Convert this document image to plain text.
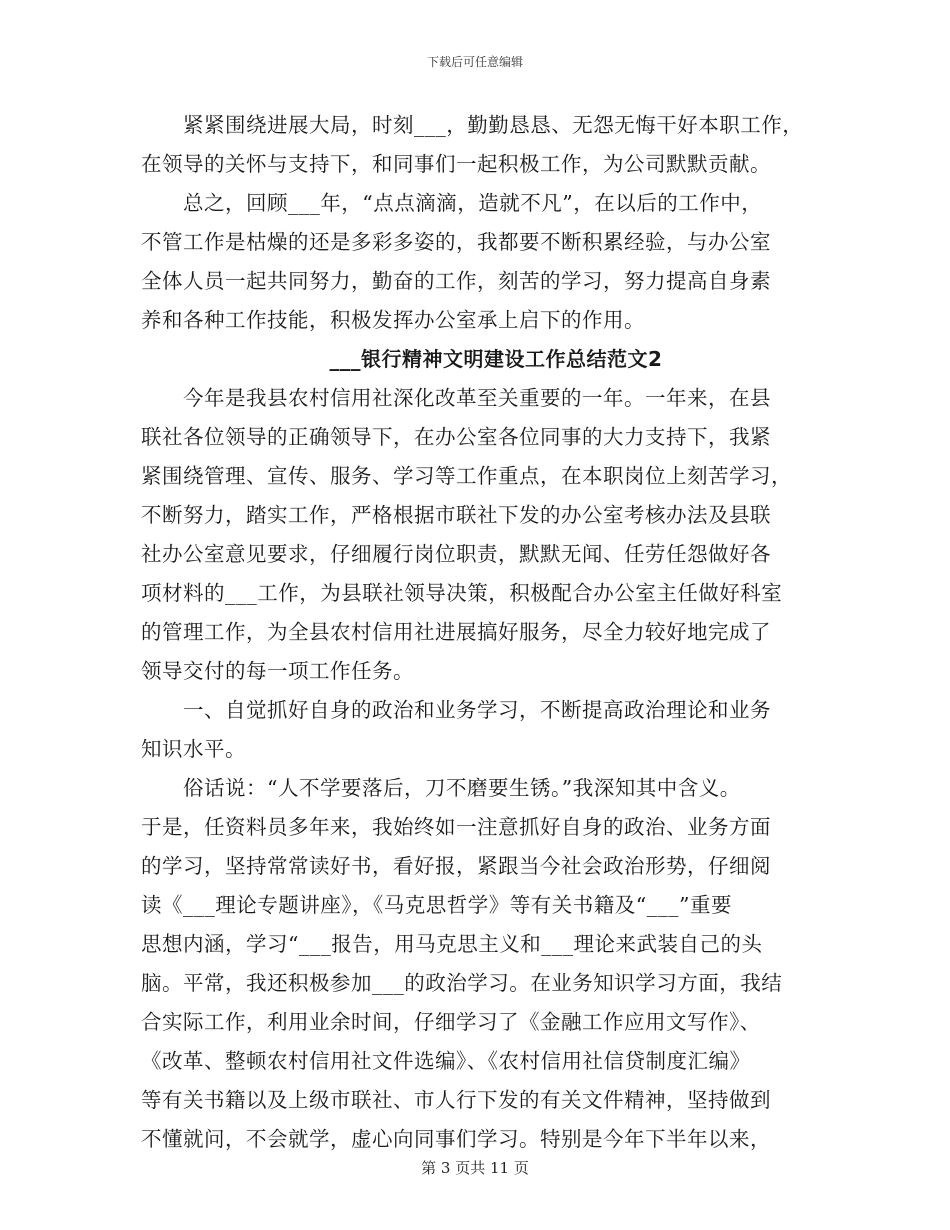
下载后可任意编辑
紧紧围绕进展大局，时刻___，勤勤恳恳、无怨无悔干好本职工作，
在领导的关怀与支持下，和同事们一起积极工作，为公司默默贡献。
总之，回顾___年，“点点滴滴，造就不凡”，在以后的工作中，
不管工作是枯燥的还是多彩多姿的，我都要不断积累经验，与办公室
全体人员一起共同努力，勤奋的工作，刻苦的学习，努力提高自身素
养和各种工作技能，积极发挥办公室承上启下的作用。
___银行精神文明建设工作总结范文2
今年是我县农村信用社深化改革至关重要的一年。一年来，在县
联社各位领导的正确领导下，在办公室各位同事的大力支持下，我紧
紧围绕管理、宣传、服务、学习等工作重点，在本职岗位上刻苦学习，
不断努力，踏实工作，严格根据市联社下发的办公室考核办法及县联
社办公室意见要求，仔细履行岗位职责，默默无闻、任劳任怨做好各
项材料的___工作，为县联社领导决策，积极配合办公室主任做好科室
的管理工作，为全县农村信用社进展搞好服务，尽全力较好地完成了
领导交付的每一项工作任务。
一、自觉抓好自身的政治和业务学习，不断提高政治理论和业务
知识水平。
俗话说：“人不学要落后，刀不磨要生锈。”我深知其中含义。
于是，任资料员多年来，我始终如一注意抓好自身的政治、业务方面
的学习，坚持常常读好书，看好报，紧跟当今社会政治形势，仔细阅
读《___理论专题讲座》，《马克思哲学》等有关书籍及“___”重要
思想内涵，学习“___报告，用马克思主义和___理论来武装自己的头
脑。平常，我还积极参加___的政治学习。在业务知识学习方面，我结
合实际工作，利用业余时间，仔细学习了《金融工作应用文写作》、
《改革、整顿农村信用社文件选编》、《农村信用社信贷制度汇编》
等有关书籍以及上级市联社、市人行下发的有关文件精神，坚持做到
不懂就问，不会就学，虚心向同事们学习。特别是今年下半年以来，
第 3 页共 11 页
